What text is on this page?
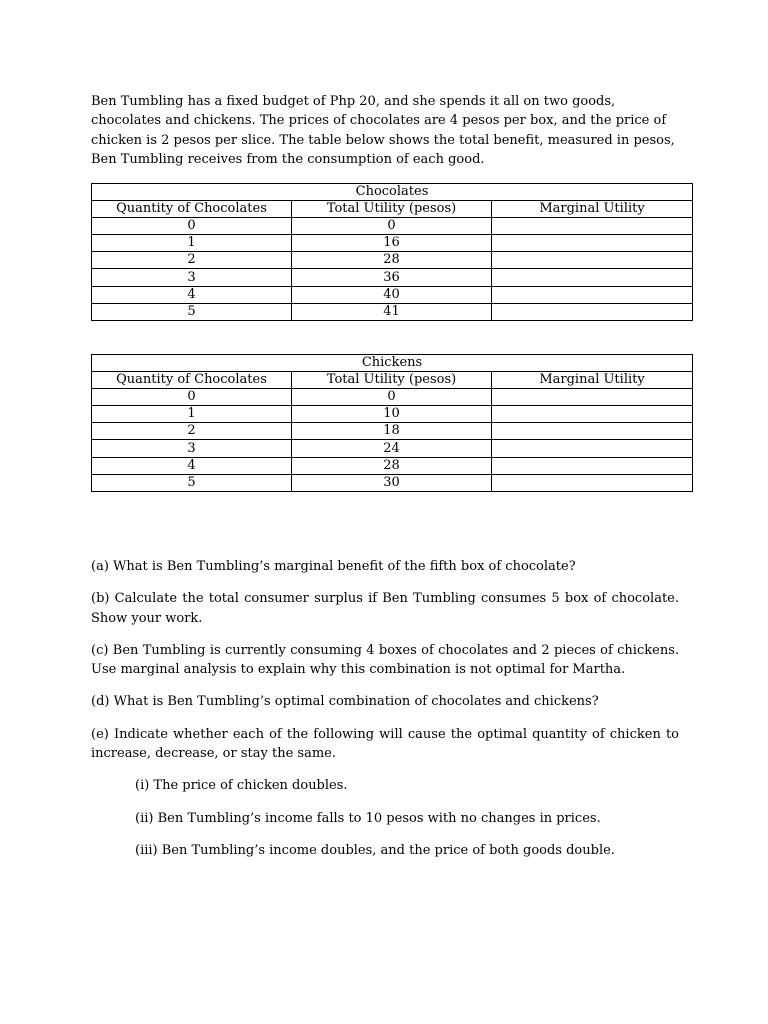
Ben Tumbling has a fixed budget of Php 20, and she spends it all on two goods, chocolates and chickens. The prices of chocolates are 4 pesos per box, and the price of chicken is 2 pesos per slice. The table below shows the total benefit, measured in pesos, Ben Tumbling receives from the consumption of each good.

Chocolates		
Quantity of Chocolates	Total Utility (pesos)	Marginal Utility
0	0	
1	16	
2	28	
3	36	
4	40	
5	41	
Chickens		
Quantity of Chocolates	Total Utility (pesos)	Marginal Utility
0	0	
1	10	
2	18	
3	24	
4	28	
5	30	

(a) What is Ben Tumbling’s marginal benefit of the fifth box of chocolate?

(b) Calculate the total consumer surplus if Ben Tumbling consumes 5 box of chocolate. Show your work.

(c) Ben Tumbling is currently consuming 4 boxes of chocolates and 2 pieces of chickens. Use marginal analysis to explain why this combination is not optimal for Martha.

(d) What is Ben Tumbling’s optimal combination of chocolates and chickens?

(e) Indicate whether each of the following will cause the optimal quantity of chicken to increase, decrease, or stay the same.

(i) The price of chicken doubles.

(ii) Ben Tumbling’s income falls to 10 pesos with no changes in prices.

(iii) Ben Tumbling’s income doubles, and the price of both goods double.
